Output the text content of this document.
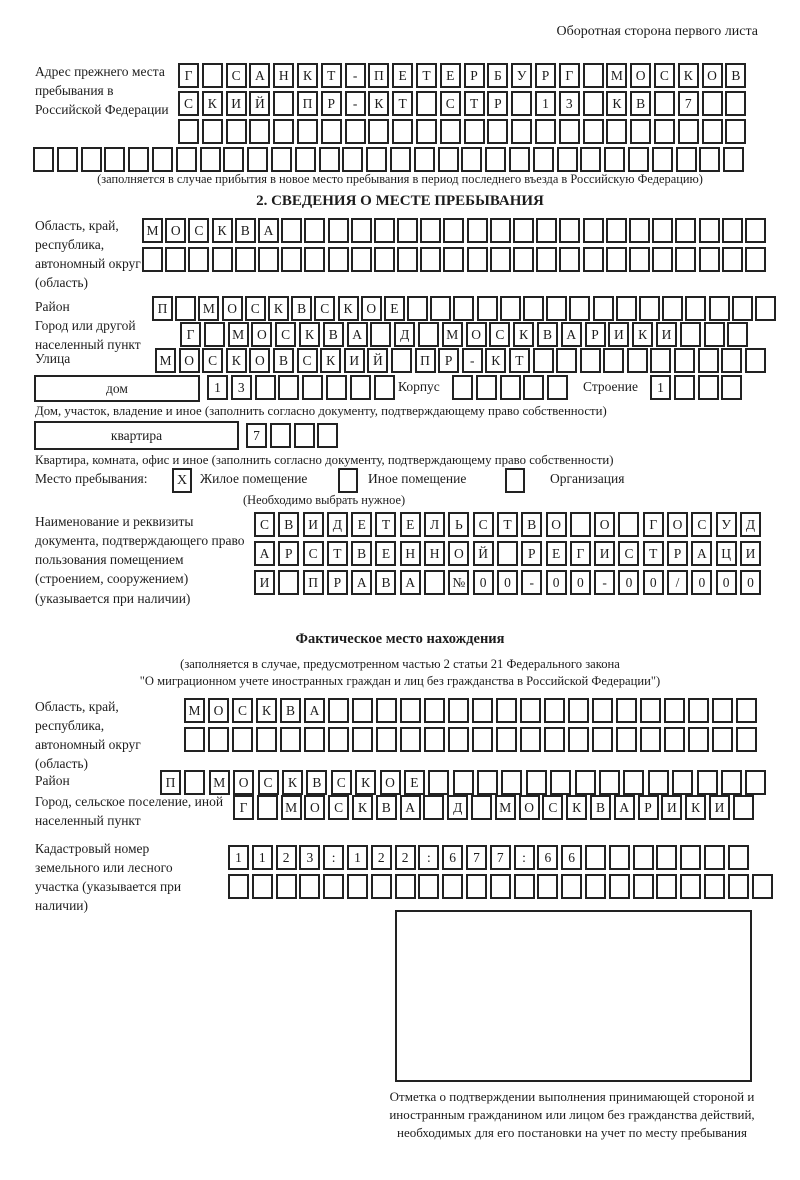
Оборотная сторона первого листа
Адрес прежнего места пребывания в Российской Федерации
Г	С	А	Н	К	Т	-	П	Е	Т	Е	Р	Б	У	Р	Г	М О	С	К	О	В
С	К	И	Й	П	Р	-	К	Т	С	Т	Р	1	3	К	В	7
(заполняется в случае прибытия в новое место пребывания в период последнего въезда в Российскую Федерацию)
2. СВЕДЕНИЯ О МЕСТЕ ПРЕБЫВАНИЯ
Область, край, республика, автономный округ (область)
М О	С	К	В	А
Район	П	М О	С	К	В	С	К	О	Е
Город или другой населенный пункт
Г	М О	С	К	В	А	Д	М О	С	К	В	А	Р	И	К	И
Улица	М О	С	К	О	В	С	К	И	Й	П	Р	-	К	Т
дом	1	3	Корпус	Строение	1
Дом, участок, владение и иное (заполнить согласно документу, подтверждающему право собственности)
квартира	7
Квартира, комната, офис и иное (заполнить согласно документу, подтверждающему право собственности)
Место пребывания:	X Жилое помещение	Иное помещение	Организация
(Необходимо выбрать нужное)
Наименование и реквизиты документа, подтверждающего право пользования помещением (строением, сооружением) (указывается при наличии)
С	В	И	Д	Е	Т	Е	Л	Ь	С	Т	В	О	О	Г	О	С	У	Д
А	Р	С	Т	В	Е	Н	Н	О	Й	Р	Е	Г	И	С	Т	Р	А	Ц	И
И	П	Р	А	В	А	№	0	0	-	0	0	-	0	0	/	0	0	0
Фактическое место нахождения
(заполняется в случае, предусмотренном частью 2 статьи 21 Федерального закона
"О миграционном учете иностранных граждан и лиц без гражданства в Российской Федерации")
Область, край, республика, автономный округ (область)
М О	С	К	В	А
Район	П	М	О	С	К	В	С	К	О	Е
Город, сельское поселение, иной населенный пункт
Г	М О	С	К	В	А	Д	М О	С	К	В	А	Р	И	К	И
Кадастровый номер земельного или лесного участка (указывается при наличии)
1	1	2	3	:	1	2	2	:	6	7	7	:	6	6
Отметка о подтверждении выполнения принимающей стороной и иностранным гражданином или лицом без гражданства действий, необходимых для его постановки на учет по месту пребывания
